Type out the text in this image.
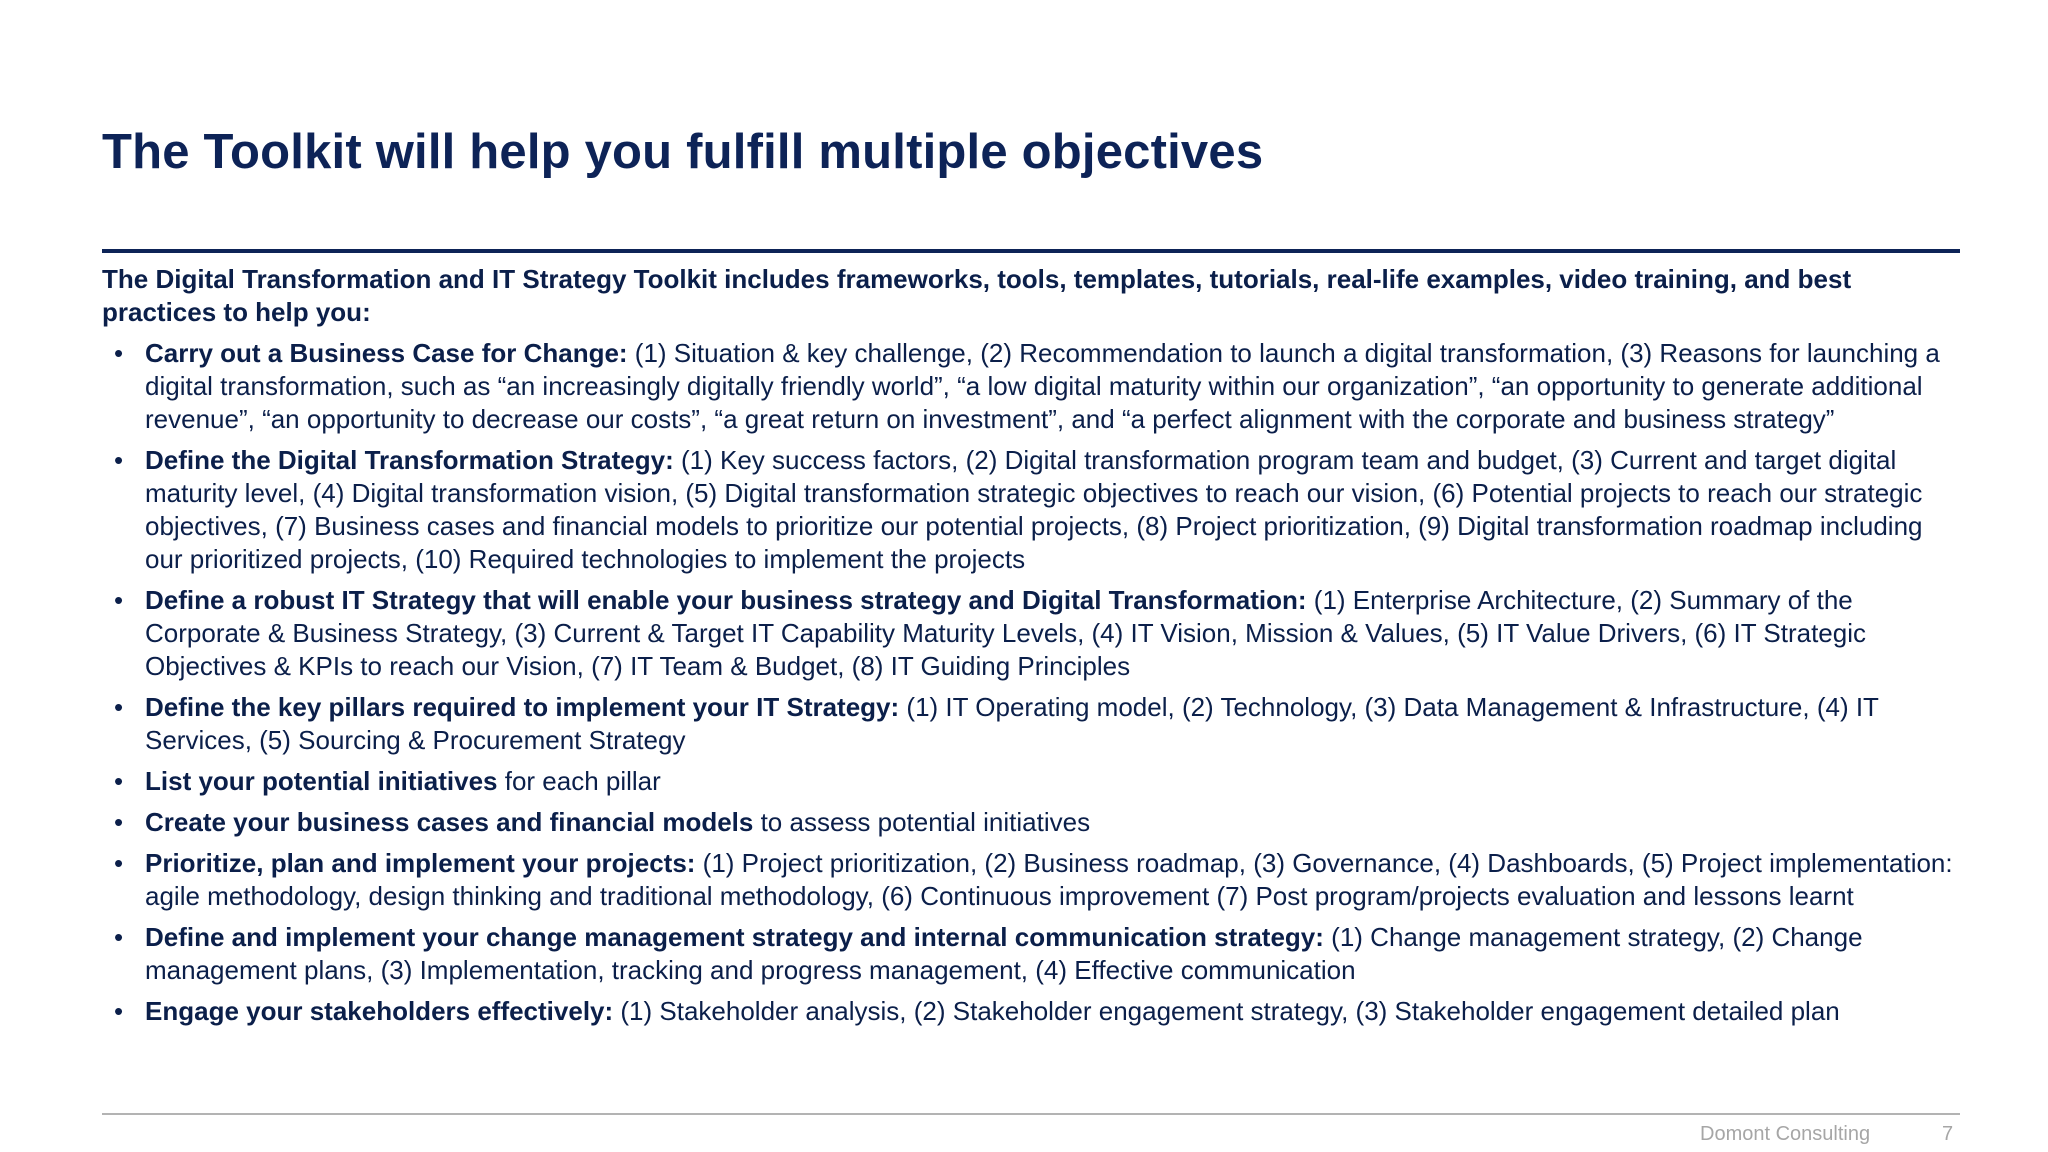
The Toolkit will help you fulfill multiple objectives

The Digital Transformation and IT Strategy Toolkit includes frameworks, tools, templates, tutorials, real-life examples, video training, and best practices to help you:

• Carry out a Business Case for Change: (1) Situation & key challenge, (2) Recommendation to launch a digital transformation, (3) Reasons for launching a digital transformation, such as “an increasingly digitally friendly world”, “a low digital maturity within our organization”, “an opportunity to generate additional revenue”, “an opportunity to decrease our costs”, “a great return on investment”, and “a perfect alignment with the corporate and business strategy”
• Define the Digital Transformation Strategy: (1) Key success factors, (2) Digital transformation program team and budget, (3) Current and target digital maturity level, (4) Digital transformation vision, (5) Digital transformation strategic objectives to reach our vision, (6) Potential projects to reach our strategic objectives, (7) Business cases and financial models to prioritize our potential projects, (8) Project prioritization, (9) Digital transformation roadmap including our prioritized projects, (10) Required technologies to implement the projects
• Define a robust IT Strategy that will enable your business strategy and Digital Transformation: (1) Enterprise Architecture, (2) Summary of the Corporate & Business Strategy, (3) Current & Target IT Capability Maturity Levels, (4) IT Vision, Mission & Values, (5) IT Value Drivers, (6) IT Strategic Objectives & KPIs to reach our Vision, (7) IT Team & Budget, (8) IT Guiding Principles
• Define the key pillars required to implement your IT Strategy: (1) IT Operating model, (2) Technology, (3) Data Management & Infrastructure, (4) IT Services, (5) Sourcing & Procurement Strategy
• List your potential initiatives for each pillar
• Create your business cases and financial models to assess potential initiatives
• Prioritize, plan and implement your projects: (1) Project prioritization, (2) Business roadmap, (3) Governance, (4) Dashboards, (5) Project implementation: agile methodology, design thinking and traditional methodology, (6) Continuous improvement (7) Post program/projects evaluation and lessons learnt
• Define and implement your change management strategy and internal communication strategy: (1) Change management strategy, (2) Change management plans, (3) Implementation, tracking and progress management, (4) Effective communication
• Engage your stakeholders effectively: (1) Stakeholder analysis, (2) Stakeholder engagement strategy, (3) Stakeholder engagement detailed plan
Domont Consulting	7
